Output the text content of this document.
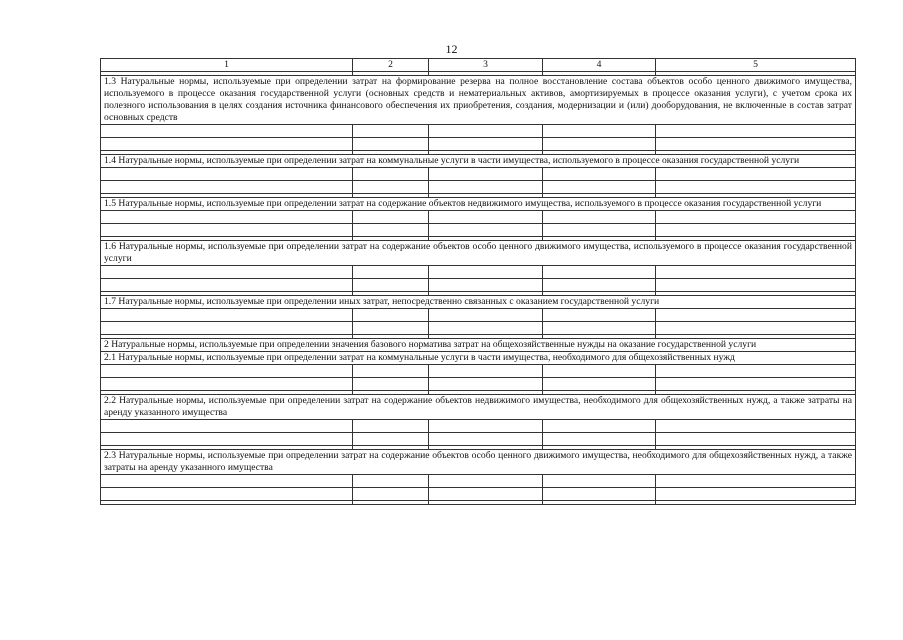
12
1	2	3	4	5

1.3 Натуральные нормы, используемые при определении затрат на формирование резерва на полное восстановление состава объектов особо ценного движимого имущества, используемого в процессе оказания государственной услуги (основных средств и нематериальных активов, амортизируемых в процессе оказания услуги), с учетом срока их полезного использования в целях создания источника финансового обеспечения их приобретения, создания, модернизации и (или) дооборудования, не включенные в состав затрат основных средств				

1.4 Натуральные нормы, используемые при определении затрат на коммунальные услуги в части имущества, используемого в процессе оказания государственной услуги				

1.5 Натуральные нормы, используемые при определении затрат на содержание объектов недвижимого имущества, используемого в процессе оказания государственной услуги				

1.6 Натуральные нормы, используемые при определении затрат на содержание объектов особо ценного движимого имущества, используемого в процессе оказания государственной услуги				

1.7 Натуральные нормы, используемые при определении иных затрат, непосредственно связанных с оказанием государственной услуги				

2 Натуральные нормы, используемые при определении значения базового норматива затрат на общехозяйственные нужды на оказание государственной услуги				
2.1 Натуральные нормы, используемые при определении затрат на коммунальные услуги в части имущества, необходимого для общехозяйственных нужд				

2.2 Натуральные нормы, используемые при определении затрат на содержание объектов недвижимого имущества, необходимого для общехозяйственных нужд, а также затраты на аренду указанного имущества				

2.3 Натуральные нормы, используемые при определении затрат на содержание объектов особо ценного движимого имущества, необходимого для общехозяйственных нужд, а также затраты на аренду указанного имущества				
